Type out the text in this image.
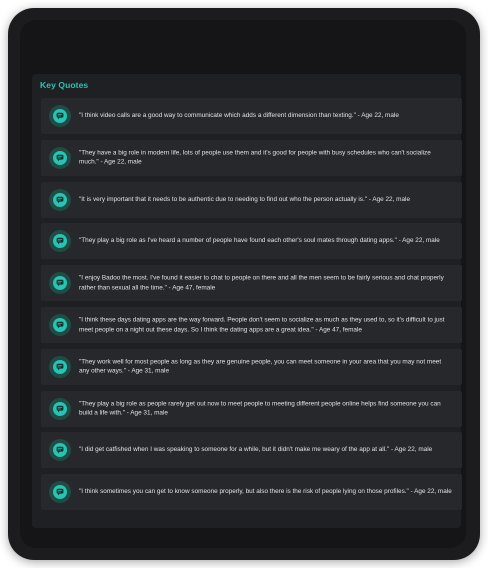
Key Quotes
"I think video calls are a good way to communicate which adds a different dimension than texting." - Age 22, male
"They have a big role in modern life, lots of people use them and it's good for people with busy schedules who can't socialize much." - Age 22, male
"It is very important that it needs to be authentic due to needing to find out who the person actually is." - Age 22, male
"They play a big role as I've heard a number of people have found each other's soul mates through dating apps." - Age 22, male
"I enjoy Badoo the most. I've found it easier to chat to people on there and all the men seem to be fairly serious and chat properly rather than sexual all the time." - Age 47, female
"I think these days dating apps are the way forward. People don't seem to socialize as much as they used to, so it's difficult to just meet people on a night out these days. So I think the dating apps are a great idea." - Age 47, female
"They work well for most people as long as they are genuine people, you can meet someone in your area that you may not meet any other ways." - Age 31, male
"They play a big role as people rarely get out now to meet people to meeting different people online helps find someone you can build a life with." - Age 31, male
"I did get catfished when I was speaking to someone for a while, but it didn't make me weary of the app at all." - Age 22, male
"I think sometimes you can get to know someone properly, but also there is the risk of people lying on those profiles." - Age 22, male
